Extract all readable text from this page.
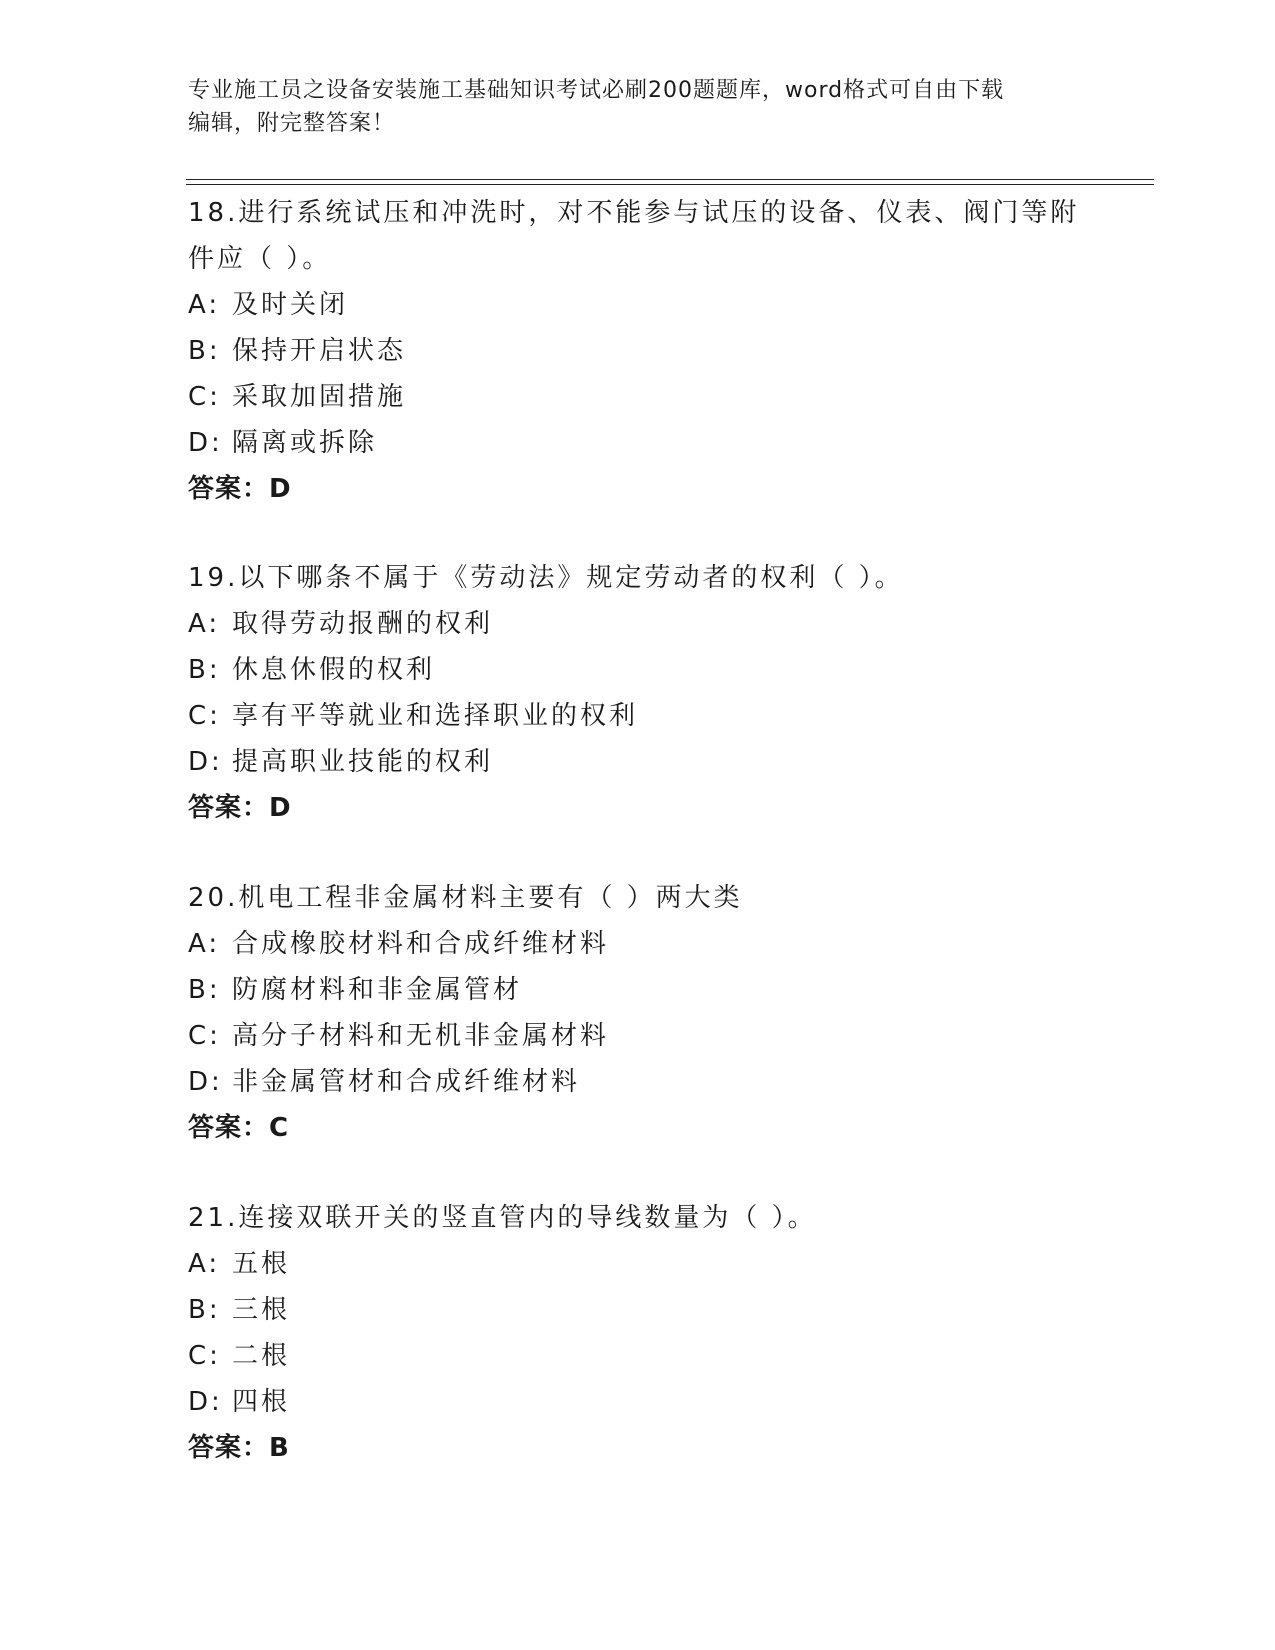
专业施工员之设备安装施工基础知识考试必刷200题题库，word格式可自由下载
编辑，附完整答案！

18.进行系统试压和冲洗时，对不能参与试压的设备、仪表、阀门等附

件应（ ）。

A: 及时关闭
B: 保持开启状态
C: 采取加固措施
D: 隔离或拆除

答案：D

19.以下哪条不属于《劳动法》规定劳动者的权利（ ）。

A: 取得劳动报酬的权利
B: 休息休假的权利
C: 享有平等就业和选择职业的权利
D: 提高职业技能的权利

答案：D

20.机电工程非金属材料主要有（ ）两大类

A: 合成橡胶材料和合成纤维材料
B: 防腐材料和非金属管材
C: 高分子材料和无机非金属材料
D: 非金属管材和合成纤维材料

答案：C

21.连接双联开关的竖直管内的导线数量为（ ）。

A: 五根
B: 三根
C: 二根
D: 四根

答案：B
